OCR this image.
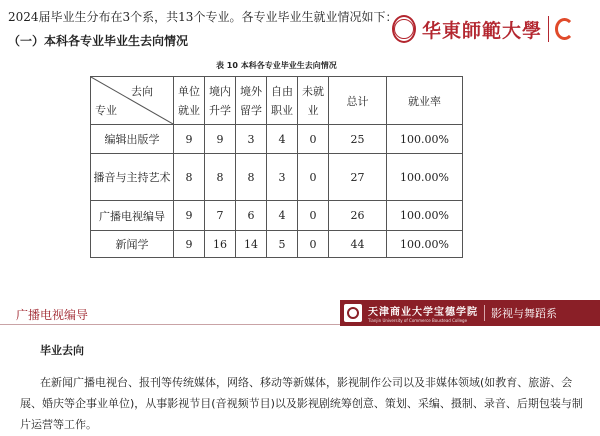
2024届毕业生分布在3个系，共13个专业。各专业毕业生就业情况如下：
（一）本科各专业毕业生去向情况	华東師範大學
表 10 本科各专业毕业生去向情况
去向
专业	单位就业	境内升学	境外留学	自由职业	未就业	总计	就业率
编辑出版学	9	9	3	4	0	25	100.00%
播音与主持艺术	8	8	8	3	0	27	100.00%
广播电视编导	9	7	6	4	0	26	100.00%
新闻学	9	16	14	5	0	44	100.00%
广播电视编导	天津商业大学宝德学院
Tianjin University of Commerce Boustead College
影视与舞蹈系
毕业去向
在新闻广播电视台、报刊等传统媒体，网络、移动等新媒体，影视制作公司以及非媒体领域(如教育、旅游、会展、婚庆等企事业单位)，从事影视节目(音视频节目)以及影视剧统筹创意、策划、采编、摄制、录音、后期包装与制片运营等工作。
